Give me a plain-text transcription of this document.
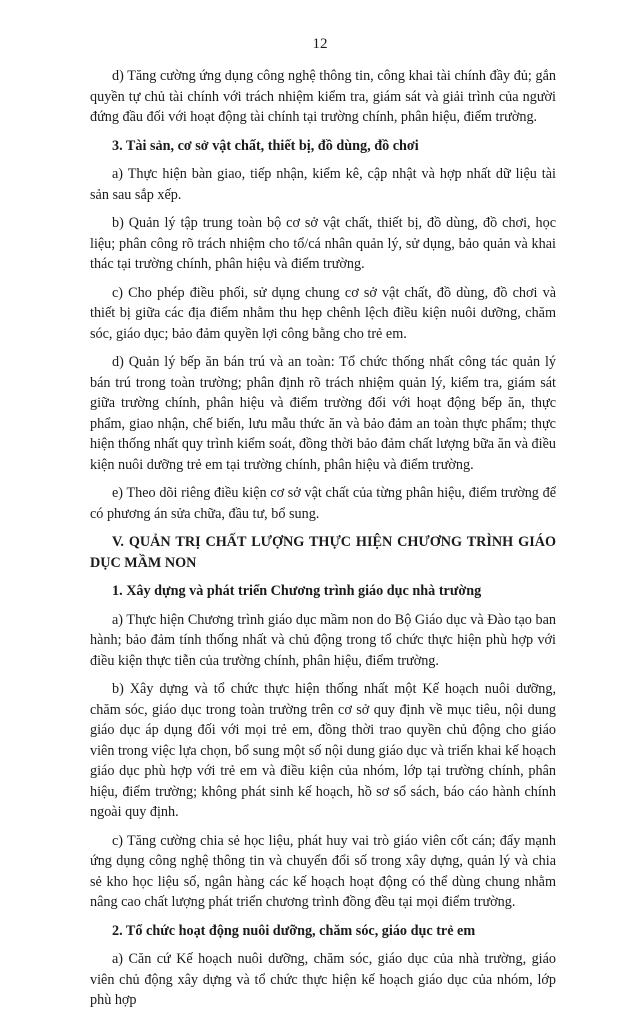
12

d) Tăng cường ứng dụng công nghệ thông tin, công khai tài chính đầy đủ; gắn quyền tự chủ tài chính với trách nhiệm kiểm tra, giám sát và giải trình của người đứng đầu đối với hoạt động tài chính tại trường chính, phân hiệu, điểm trường.

3. Tài sản, cơ sở vật chất, thiết bị, đồ dùng, đồ chơi

a) Thực hiện bàn giao, tiếp nhận, kiểm kê, cập nhật và hợp nhất dữ liệu tài sản sau sắp xếp.

b) Quản lý tập trung toàn bộ cơ sở vật chất, thiết bị, đồ dùng, đồ chơi, học liệu; phân công rõ trách nhiệm cho tổ/cá nhân quản lý, sử dụng, bảo quản và khai thác tại trường chính, phân hiệu và điểm trường.

c) Cho phép điều phối, sử dụng chung cơ sở vật chất, đồ dùng, đồ chơi và thiết bị giữa các địa điểm nhằm thu hẹp chênh lệch điều kiện nuôi dưỡng, chăm sóc, giáo dục; bảo đảm quyền lợi công bằng cho trẻ em.

d) Quản lý bếp ăn bán trú và an toàn: Tổ chức thống nhất công tác quản lý bán trú trong toàn trường; phân định rõ trách nhiệm quản lý, kiểm tra, giám sát giữa trường chính, phân hiệu và điểm trường đối với hoạt động bếp ăn, thực phẩm, giao nhận, chế biến, lưu mẫu thức ăn và bảo đảm an toàn thực phẩm; thực hiện thống nhất quy trình kiểm soát, đồng thời bảo đảm chất lượng bữa ăn và điều kiện nuôi dưỡng trẻ em tại trường chính, phân hiệu và điểm trường.

e) Theo dõi riêng điều kiện cơ sở vật chất của từng phân hiệu, điểm trường để có phương án sửa chữa, đầu tư, bổ sung.

V. QUẢN TRỊ CHẤT LƯỢNG THỰC HIỆN CHƯƠNG TRÌNH GIÁO DỤC MẦM NON

1. Xây dựng và phát triển Chương trình giáo dục nhà trường

a) Thực hiện Chương trình giáo dục mầm non do Bộ Giáo dục và Đào tạo ban hành; bảo đảm tính thống nhất và chủ động trong tổ chức thực hiện phù hợp với điều kiện thực tiễn của trường chính, phân hiệu, điểm trường.

b) Xây dựng và tổ chức thực hiện thống nhất một Kế hoạch nuôi dưỡng, chăm sóc, giáo dục trong toàn trường trên cơ sở quy định về mục tiêu, nội dung giáo dục áp dụng đối với mọi trẻ em, đồng thời trao quyền chủ động cho giáo viên trong việc lựa chọn, bổ sung một số nội dung giáo dục và triển khai kế hoạch giáo dục phù hợp với trẻ em và điều kiện của nhóm, lớp tại trường chính, phân hiệu, điểm trường; không phát sinh kế hoạch, hồ sơ sổ sách, báo cáo hành chính ngoài quy định.

c) Tăng cường chia sẻ học liệu, phát huy vai trò giáo viên cốt cán; đẩy mạnh ứng dụng công nghệ thông tin và chuyển đổi số trong xây dựng, quản lý và chia sẻ kho học liệu số, ngân hàng các kế hoạch hoạt động có thể dùng chung nhằm nâng cao chất lượng phát triển chương trình đồng đều tại mọi điểm trường.

2. Tổ chức hoạt động nuôi dưỡng, chăm sóc, giáo dục trẻ em

a) Căn cứ Kế hoạch nuôi dưỡng, chăm sóc, giáo dục của nhà trường, giáo viên chủ động xây dựng và tổ chức thực hiện kế hoạch giáo dục của nhóm, lớp phù hợp
